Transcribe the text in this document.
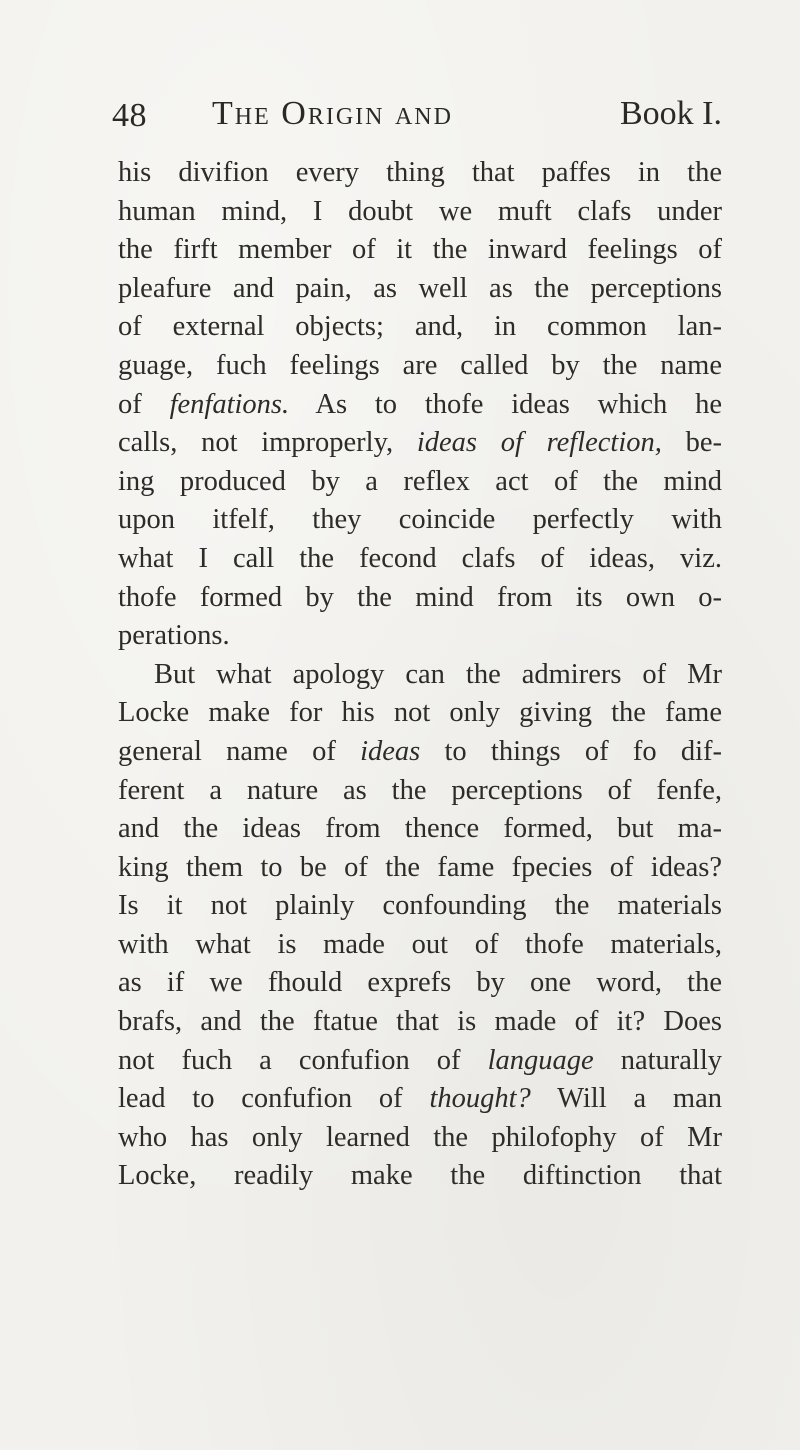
48 The Origin and	Book I.
his divifion every thing that paffes in the
human mind, I doubt we muft clafs under
the firft member of it the inward feelings of
pleafure and pain, as well as the perceptions
of external objects; and, in common lan-
guage, fuch feelings are called by the name
of fenfations. As to thofe ideas which he
calls, not improperly, ideas of reflection, be-
ing produced by a reflex act of the mind
upon itfelf, they coincide perfectly with
what I call the fecond clafs of ideas, viz.
thofe formed by the mind from its own o-
perations.
But what apology can the admirers of Mr
Locke make for his not only giving the fame
general name of ideas to things of fo dif-
ferent a nature as the perceptions of fenfe,
and the ideas from thence formed, but ma-
king them to be of the fame fpecies of ideas?
Is it not plainly confounding the materials
with what is made out of thofe materials,
as if we fhould exprefs by one word, the
brafs, and the ftatue that is made of it? Does
not fuch a confufion of language naturally
lead to confufion of thought? Will a man
who has only learned the philofophy of Mr
Locke, readily make the diftinction that
